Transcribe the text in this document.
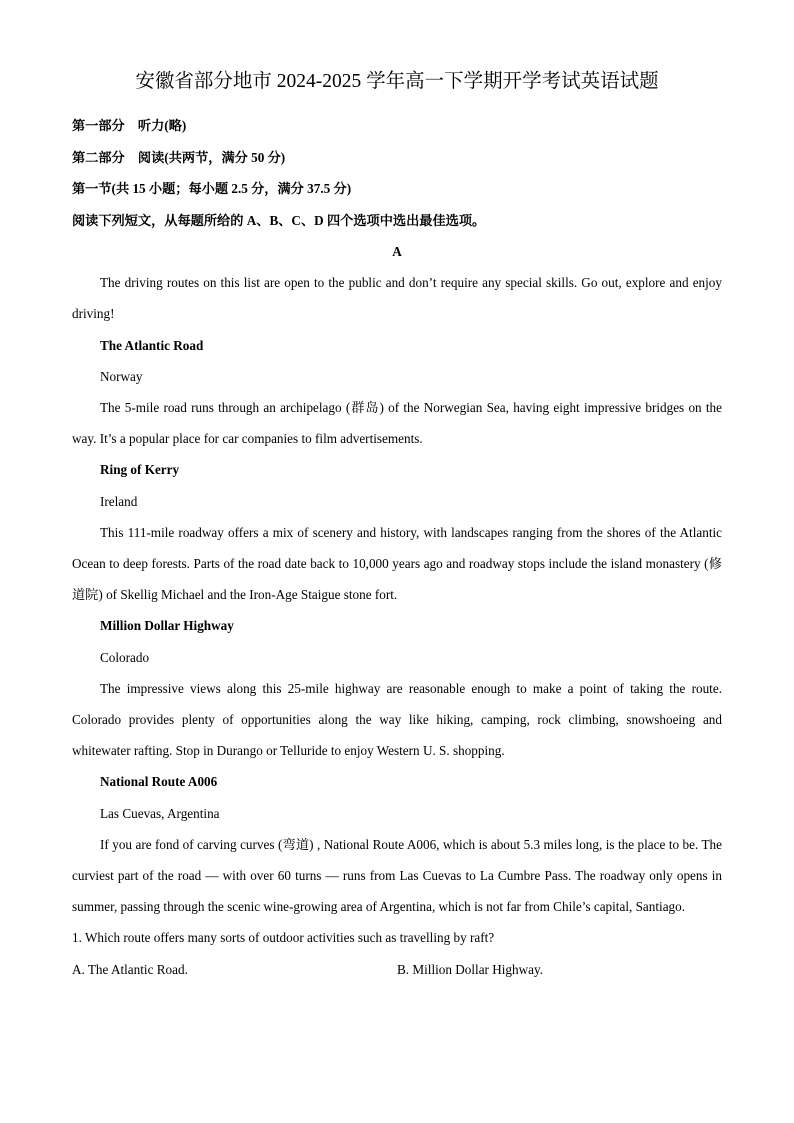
安徽省部分地市 2024-2025 学年高一下学期开学考试英语试题

第一部分　听力(略)

第二部分　阅读(共两节，满分 50 分)

第一节(共 15 小题；每小题 2.5 分，满分 37.5 分)

阅读下列短文，从每题所给的 A、B、C、D 四个选项中选出最佳选项。

A

The driving routes on this list are open to the public and don’t require any special skills. Go out, explore and enjoy driving!

The Atlantic Road

Norway

The 5-mile road runs through an archipelago (群岛) of the Norwegian Sea, having eight impressive bridges on the way. It’s a popular place for car companies to film advertisements.

Ring of Kerry

Ireland

This 111-mile roadway offers a mix of scenery and history, with landscapes ranging from the shores of the Atlantic Ocean to deep forests. Parts of the road date back to 10,000 years ago and roadway stops include the island monastery (修道院) of Skellig Michael and the Iron-Age Staigue stone fort.

Million Dollar Highway

Colorado

The impressive views along this 25-mile highway are reasonable enough to make a point of taking the route. Colorado provides plenty of opportunities along the way like hiking, camping, rock climbing, snowshoeing and whitewater rafting. Stop in Durango or Telluride to enjoy Western U. S. shopping.

National Route A006

Las Cuevas, Argentina

If you are fond of carving curves (弯道) , National Route A006, which is about 5.3 miles long, is the place to be. The curviest part of the road — with over 60 turns — runs from Las Cuevas to La Cumbre Pass. The roadway only opens in summer, passing through the scenic wine-growing area of Argentina, which is not far from Chile’s capital, Santiago.

1. Which route offers many sorts of outdoor activities such as travelling by raft?

A. The Atlantic Road.	B. Million Dollar Highway.
